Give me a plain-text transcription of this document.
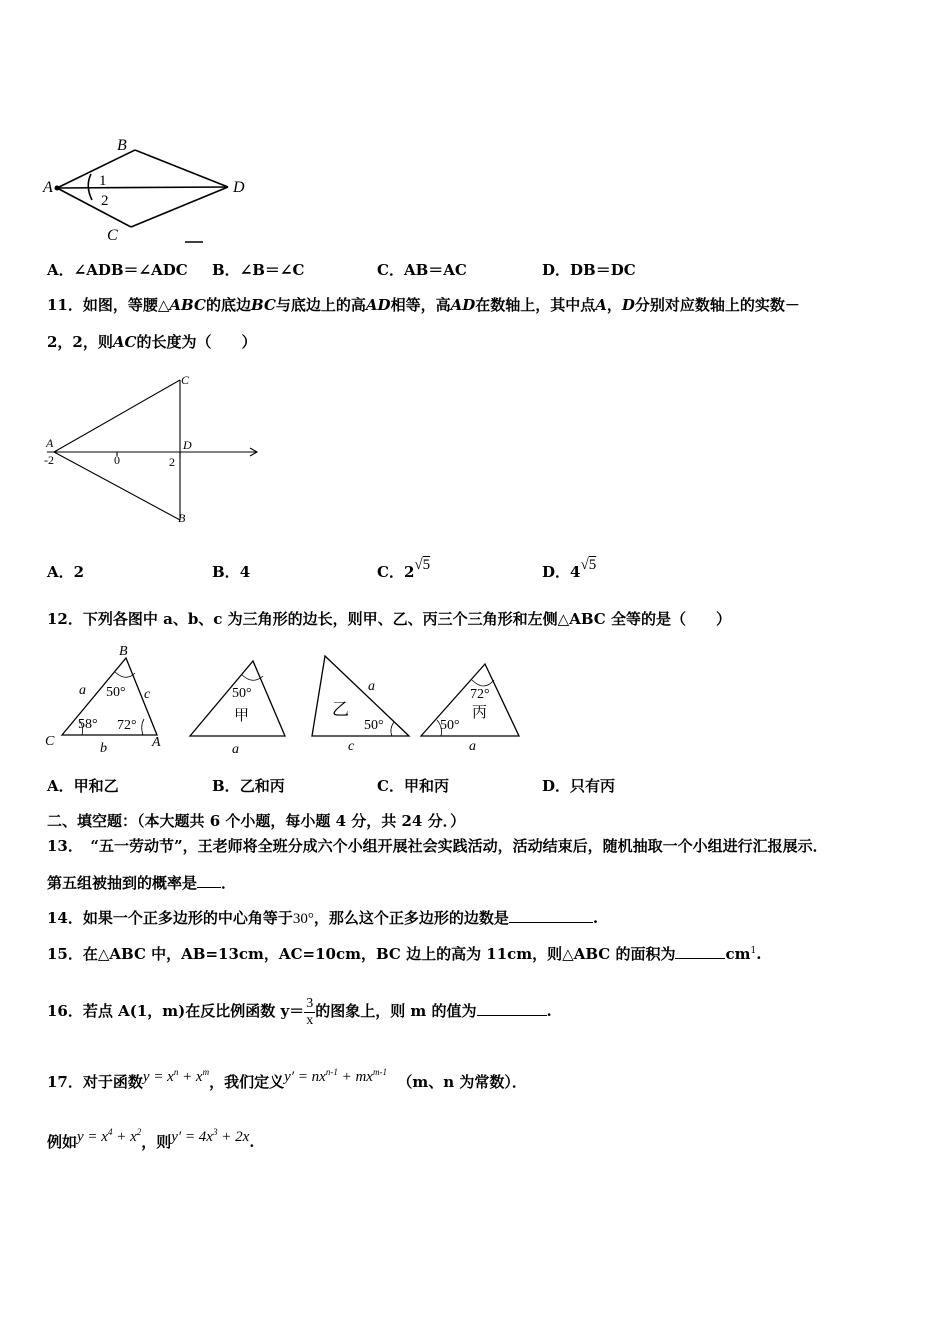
B
A	D
C
1
2
A．∠ADB＝∠ADC B．∠B＝∠C	C．AB＝AC	D．DB＝DC
11．如图，等腰△ABC的底边BC与底边上的高AD相等，高AD在数轴上，其中点A，D分别对应数轴上的实数－
2，2，则AC的长度为（　　）
C
A	D
B
-2	0	2
A．2	B．4	C．2√5	D．4√5
12．下列各图中 a、b、c 为三角形的边长，则甲、乙、丙三个三角形和左侧△ABC 全等的是（　　）
B
C	A
a	c
b
50°
58° 72°
50°
甲
a
乙
a
50°
c
72°
丙
50°
a
A．甲和乙	B．乙和丙	C．甲和丙	D．只有丙
二、填空题：（本大题共 6 个小题，每小题 4 分，共 24 分．）
13．　“五一劳动节”，王老师将全班分成六个小组开展社会实践活动，活动结束后，随机抽取一个小组进行汇报展示．
第五组被抽到的概率是 ．
14．如果一个正多边形的中心角等于30°，那么这个正多边形的边数是	.
15．在△ABC 中，AB=13cm，AC=10cm，BC 边上的高为 11cm，则△ABC 的面积为	$cm^1$.
16．若点 A(1，m)在反比例函数 $y= \frac{3}{x}$ 的图象上，则 m 的值为	.
17．对于函数$y = x^n + x^m$，我们定义$y' = nx^{n-1} + mx^{m-1}$  （m、n 为常数）．
例如$y = x^4 + x^2$，则$y' = 4x^3 + 2x$.
